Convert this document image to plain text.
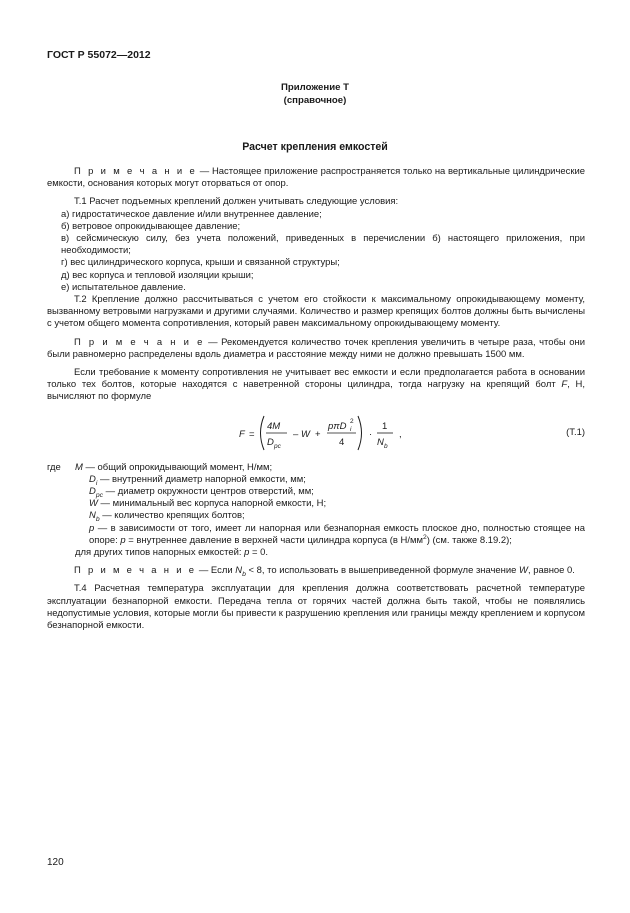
ГОСТ Р 55072—2012
Приложение Т
(справочное)
Расчет крепления емкостей

П р и м е ч а н и е — Настоящее приложение распространяется только на вертикальные цилиндрические емкости, основания которых могут оторваться от опор.

Т.1 Расчет подъемных креплений должен учитывать следующие условия:

а) гидростатическое давление и/или внутреннее давление;

б) ветровое опрокидывающее давление;

в) сейсмическую силу, без учета положений, приведенных в перечислении б) настоящего приложения, при необходимости;

г) вес цилиндрического корпуса, крыши и связанной структуры;

д) вес корпуса и тепловой изоляции крыши;

е) испытательное давление.

Т.2 Крепление должно рассчитываться с учетом его стойкости к максимальному опрокидывающему моменту, вызванному ветровыми нагрузками и другими случаями. Количество и размер крепящих болтов должны быть вычислены с учетом общего момента сопротивления, который равен максимальному опрокидывающему моменту.

П р и м е ч а н и е — Рекомендуется количество точек крепления увеличить в четыре раза, чтобы они были равномерно распределены вдоль диаметра и расстояние между ними не должно превышать 1500 мм.

Если требование к моменту сопротивления не учитывает вес емкости и если предполагается работа в основании только тех болтов, которые находятся с наветренной стороны цилиндра, тогда нагрузку на крепящий болт F, Н, вычисляют по формуле

F =
4M
D pc
– W +
pπD i
2
4
·
1
N b
,	(Т.1)
где M — общий опрокидывающий момент, Н/мм;

$D_i$ — внутренний диаметр напорной емкости, мм;

$D_{pc}$ — диаметр окружности центров отверстий, мм;

W — минимальный вес корпуса напорной емкости, Н;

$N_b$ — количество крепящих болтов;

p — в зависимости от того, имеет ли напорная или безнапорная емкость плоское дно, полностью стоящее на опоре: p = внутреннее давление в верхней части цилиндра корпуса (в $Н/мм^2$) (см. также 8.19.2);

для других типов напорных емкостей: p = 0.

П р и м е ч а н и е — Если $N_b < 8$, то использовать в вышеприведенной формуле значение W, равное 0.

Т.4 Расчетная температура эксплуатации для крепления должна соответствовать расчетной температуре эксплуатации безнапорной емкости. Передача тепла от горячих частей должна быть такой, чтобы не появлялись недопустимые условия, которые могли бы привести к разрушению крепления или границы между креплением и корпусом безнапорной емкости.

120
